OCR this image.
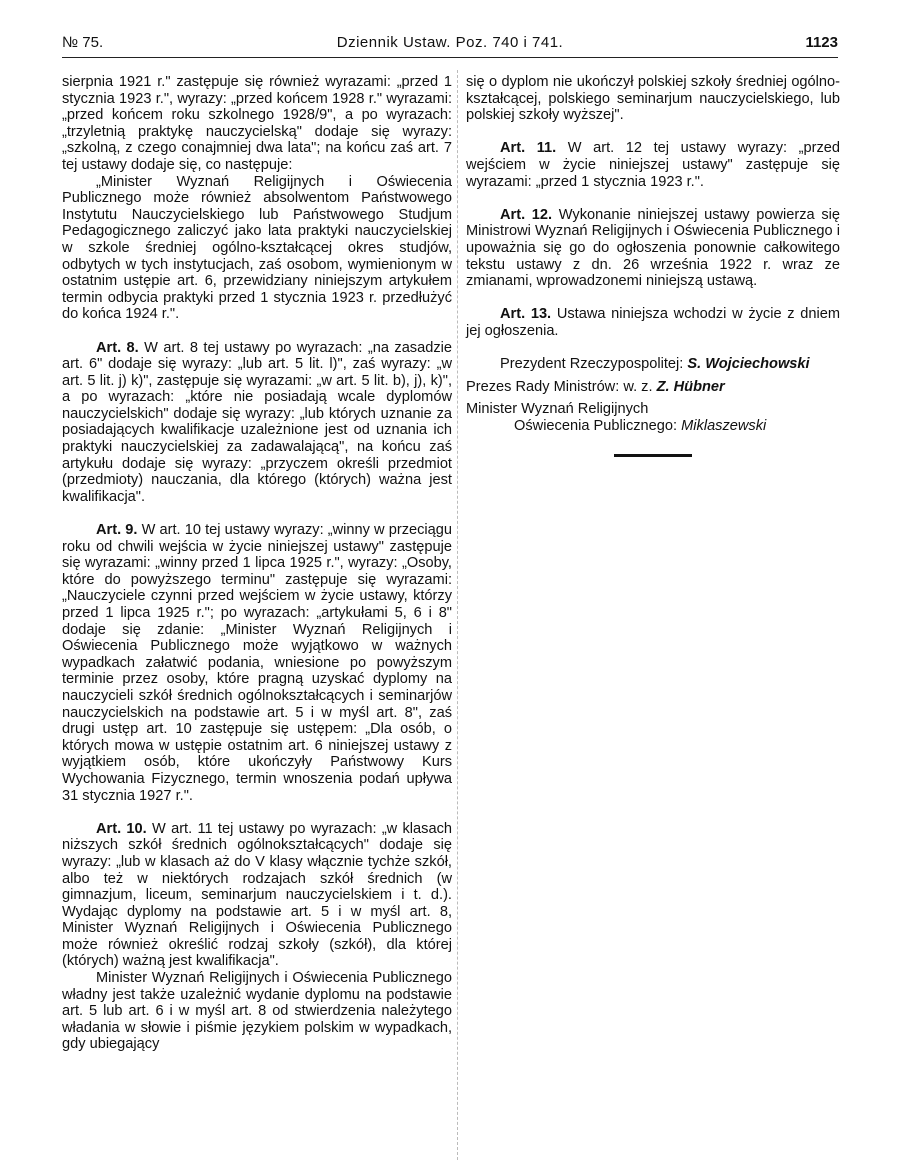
№ 75.	Dziennik Ustaw. Poz. 740 i 741.	1123

sierpnia 1921 r." zastępuje się również wyrazami: „przed 1 stycznia 1923 r.", wyrazy: „przed końcem 1928 r." wyrazami: „przed końcem roku szkolnego 1928/9", a po wyrazach: „trzyletnią praktykę nauczycielską" dodaje się wyrazy: „szkolną, z czego conajmniej dwa lata"; na końcu zaś art. 7 tej ustawy dodaje się, co następuje:

„Minister Wyznań Religijnych i Oświecenia Publicznego może również absolwentom Państwowego Instytutu Nauczycielskiego lub Państwowego Studjum Pedagogicznego zaliczyć jako lata praktyki nauczycielskiej w szkole średniej ogólno-kształcącej okres studjów, odbytych w tych instytucjach, zaś osobom, wymienionym w ostatnim ustępie art. 6, przewidziany niniejszym artykułem termin odbycia praktyki przed 1 stycznia 1923 r. przedłużyć do końca 1924 r.".

Art. 8. W art. 8 tej ustawy po wyrazach: „na zasadzie art. 6" dodaje się wyrazy: „lub art. 5 lit. l)", zaś wyrazy: „w art. 5 lit. j) k)", zastępuje się wyrazami: „w art. 5 lit. b), j), k)", a po wyrazach: „które nie posiadają wcale dyplomów nauczycielskich" dodaje się wyrazy: „lub których uznanie za posiadających kwalifikacje uzależnione jest od uznania ich praktyki nauczycielskiej za zadawalającą", na końcu zaś artykułu dodaje się wyrazy: „przyczem określi przedmiot (przedmioty) nauczania, dla którego (których) ważna jest kwalifikacja".

Art. 9. W art. 10 tej ustawy wyrazy: „winny w przeciągu roku od chwili wejścia w życie niniejszej ustawy" zastępuje się wyrazami: „winny przed 1 lipca 1925 r.", wyrazy: „Osoby, które do powyższego terminu" zastępuje się wyrazami: „Nauczyciele czynni przed wejściem w życie ustawy, którzy przed 1 lipca 1925 r."; po wyrazach: „artykułami 5, 6 i 8" dodaje się zdanie: „Minister Wyznań Religijnych i Oświecenia Publicznego może wyjątkowo w ważnych wypadkach załatwić podania, wniesione po powyższym terminie przez osoby, które pragną uzyskać dyplomy na nauczycieli szkół średnich ogólnokształcących i seminarjów nauczycielskich na podstawie art. 5 i w myśl art. 8", zaś drugi ustęp art. 10 zastępuje się ustępem: „Dla osób, o których mowa w ustępie ostatnim art. 6 niniejszej ustawy z wyjątkiem osób, które ukończyły Państwowy Kurs Wychowania Fizycznego, termin wnoszenia podań upływa 31 stycznia 1927 r.".

Art. 10. W art. 11 tej ustawy po wyrazach: „w klasach niższych szkół średnich ogólnokształcących" dodaje się wyrazy: „lub w klasach aż do V klasy włącznie tychże szkół, albo też w niektórych rodzajach szkół średnich (w gimnazjum, liceum, seminarjum nauczycielskiem i t. d.). Wydając dyplomy na podstawie art. 5 i w myśl art. 8, Minister Wyznań Religijnych i Oświecenia Publicznego może również określić rodzaj szkoły (szkół), dla której (których) ważną jest kwalifikacja".

Minister Wyznań Religijnych i Oświecenia Publicznego władny jest także uzależnić wydanie dyplomu na podstawie art. 5 lub art. 6 i w myśl art. 8 od stwierdzenia należytego władania w słowie i piśmie językiem polskim w wypadkach, gdy ubiegający

się o dyplom nie ukończył polskiej szkoły średniej ogólno-kształcącej, polskiego seminarjum nauczycielskiego, lub polskiej szkoły wyższej".

Art. 11. W art. 12 tej ustawy wyrazy: „przed wejściem w życie niniejszej ustawy" zastępuje się wyrazami: „przed 1 stycznia 1923 r.".

Art. 12. Wykonanie niniejszej ustawy powierza się Ministrowi Wyznań Religijnych i Oświecenia Publicznego i upoważnia się go do ogłoszenia ponownie całkowitego tekstu ustawy z dn. 26 września 1922 r. wraz ze zmianami, wprowadzonemi niniejszą ustawą.

Art. 13. Ustawa niniejsza wchodzi w życie z dniem jej ogłoszenia.

Prezydent Rzeczypospolitej: S. Wojciechowski

Prezes Rady Ministrów: w. z. Z. Hübner

Minister Wyznań Religijnych

Oświecenia Publicznego: Miklaszewski
